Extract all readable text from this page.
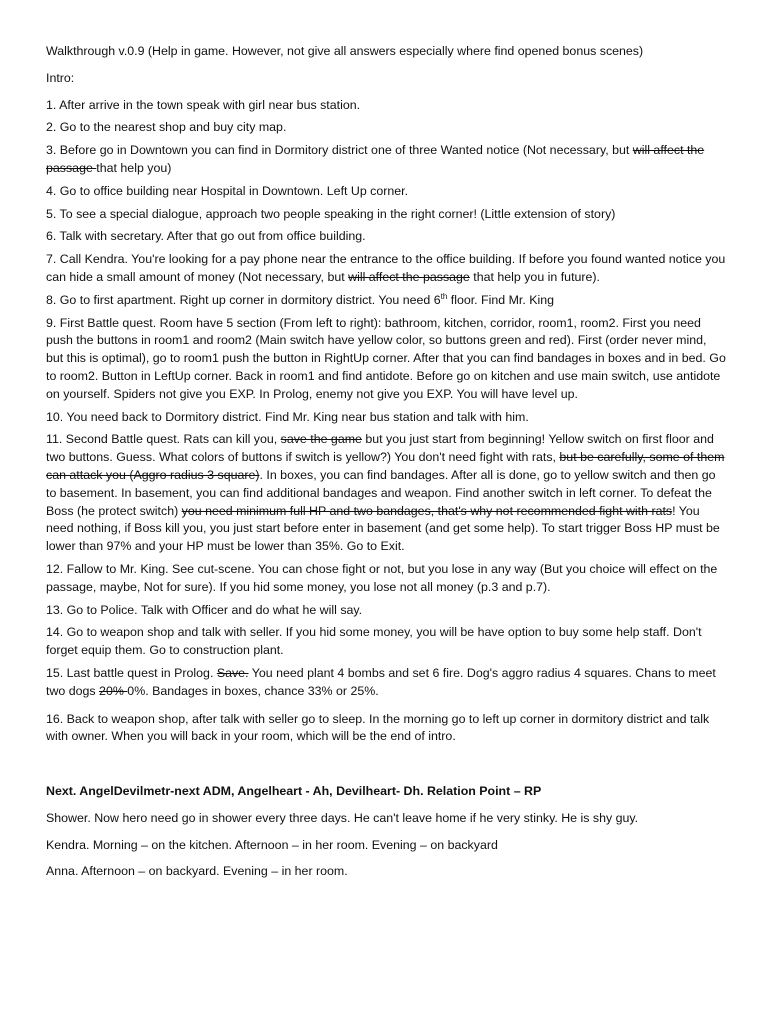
Walkthrough v.0.9 (Help in game. However, not give all answers especially where find opened bonus scenes)

Intro:

1. After arrive in the town speak with girl near bus station.

2. Go to the nearest shop and buy city map.

3. Before go in Downtown you can find in Dormitory district one of three Wanted notice (Not necessary, but will affect the passage that help you)

4. Go to office building near Hospital in Downtown. Left Up corner.

5. To see a special dialogue, approach two people speaking in the right corner! (Little extension of story)

6. Talk with secretary. After that go out from office building.

7. Call Kendra. You're looking for a pay phone near the entrance to the office building. If before you found wanted notice you can hide a small amount of money (Not necessary, but will affect the passage that help you in future).

8. Go to first apartment. Right up corner in dormitory district. You need 6th floor. Find Mr. King

9. First Battle quest. Room have 5 section (From left to right): bathroom, kitchen, corridor, room1, room2. First you need push the buttons in room1 and room2 (Main switch have yellow color, so buttons green and red). First (order never mind, but this is optimal), go to room1 push the button in RightUp corner. After that you can find bandages in boxes and in bed. Go to room2. Button in LeftUp corner. Back in room1 and find antidote. Before go on kitchen and use main switch, use antidote on yourself. Spiders not give you EXP. In Prolog, enemy not give you EXP. You will have level up.

10. You need back to Dormitory district. Find Mr. King near bus station and talk with him.

11. Second Battle quest. Rats can kill you, save the game but you just start from beginning! Yellow switch on first floor and two buttons. Guess. What colors of buttons if switch is yellow?) You don't need fight with rats, but be carefully, some of them can attack you (Aggro radius 3 square). In boxes, you can find bandages. After all is done, go to yellow switch and then go to basement. In basement, you can find additional bandages and weapon. Find another switch in left corner. To defeat the Boss (he protect switch) you need minimum full HP and two bandages, that's why not recommended fight with rats! You need nothing, if Boss kill you, you just start before enter in basement (and get some help). To start trigger Boss HP must be lower than 97% and your HP must be lower than 35%. Go to Exit.

12. Fallow to Mr. King. See cut-scene. You can chose fight or not, but you lose in any way (But you choice will effect on the passage, maybe, Not for sure). If you hid some money, you lose not all money (p.3 and p.7).

13. Go to Police. Talk with Officer and do what he will say.

14. Go to weapon shop and talk with seller. If you hid some money, you will be have option to buy some help staff. Don't forget equip them. Go to construction plant.

15. Last battle quest in Prolog. Save. You need plant 4 bombs and set 6 fire. Dog's aggro radius 4 squares. Chans to meet two dogs 20% 0%. Bandages in boxes, chance 33% or 25%.

16. Back to weapon shop, after talk with seller go to sleep. In the morning go to left up corner in dormitory district and talk with owner. When you will back in your room, which will be the end of intro.

Next. AngelDevilmetr-next ADM, Angelheart - Ah, Devilheart- Dh. Relation Point – RP

Shower. Now hero need go in shower every three days. He can't leave home if he very stinky. He is shy guy.

Kendra. Morning – on the kitchen. Afternoon – in her room. Evening – on backyard

Anna. Afternoon – on backyard. Evening – in her room.
